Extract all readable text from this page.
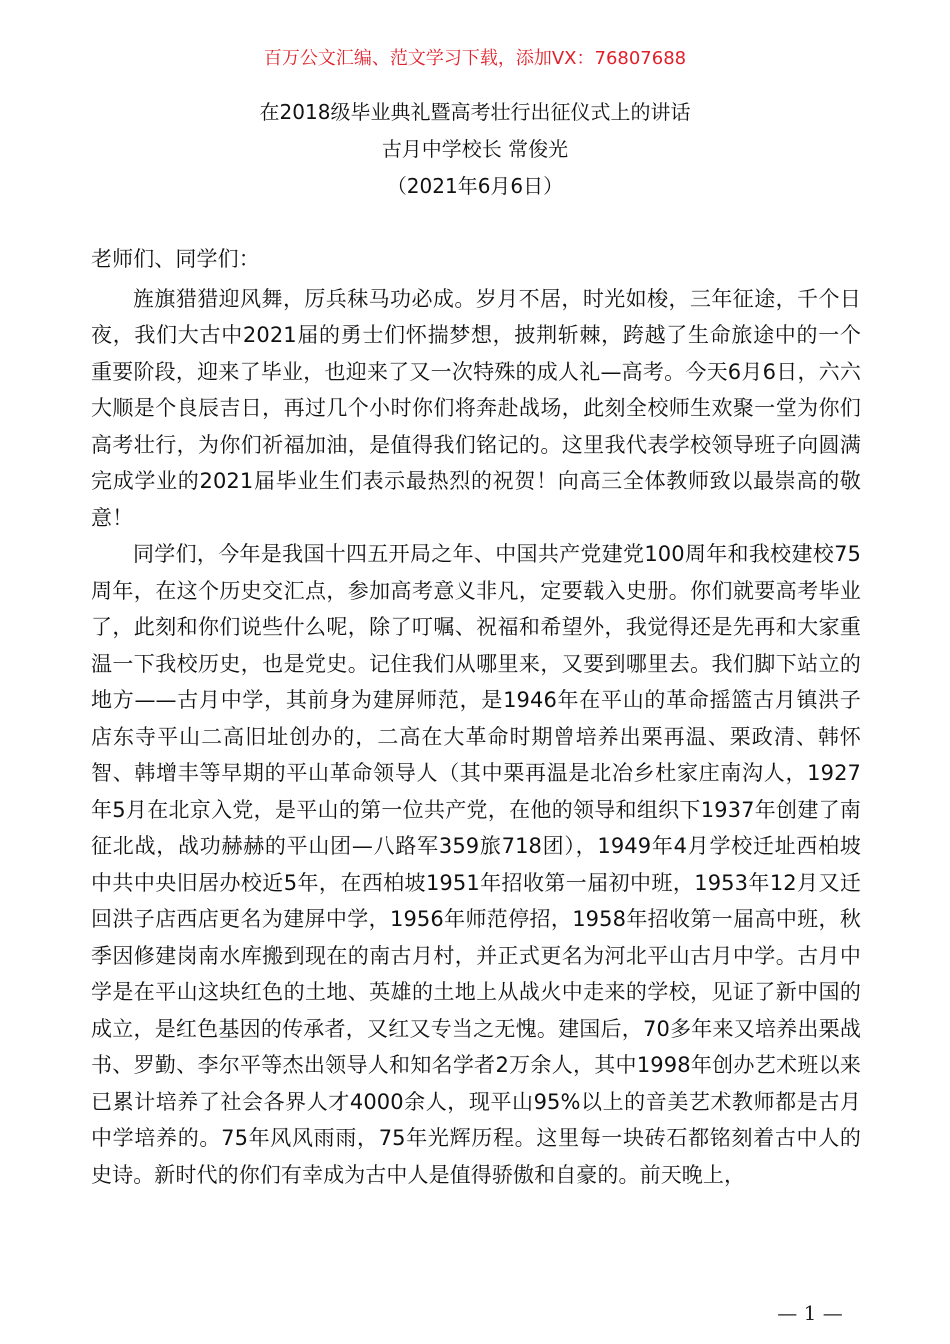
百万公文汇编、范文学习下载，添加VX：76807688

在2018级毕业典礼暨高考壮行出征仪式上的讲话

古月中学校长 常俊光

（2021年6月6日）

老师们、同学们：

旌旗猎猎迎风舞，厉兵秣马功必成。岁月不居，时光如梭，三年征途，千个日夜，我们大古中2021届的勇士们怀揣梦想，披荆斩棘，跨越了生命旅途中的一个重要阶段，迎来了毕业，也迎来了又一次特殊的成人礼—高考。今天6月6日，六六大顺是个良辰吉日，再过几个小时你们将奔赴战场，此刻全校师生欢聚一堂为你们高考壮行，为你们祈福加油，是值得我们铭记的。这里我代表学校领导班子向圆满完成学业的2021届毕业生们表示最热烈的祝贺！向高三全体教师致以最崇高的敬意！

同学们，今年是我国十四五开局之年、中国共产党建党100周年和我校建校75周年，在这个历史交汇点，参加高考意义非凡，定要载入史册。你们就要高考毕业了，此刻和你们说些什么呢，除了叮嘱、祝福和希望外，我觉得还是先再和大家重温一下我校历史，也是党史。记住我们从哪里来，又要到哪里去。我们脚下站立的地方——古月中学，其前身为建屏师范，是1946年在平山的革命摇篮古月镇洪子店东寺平山二高旧址创办的，二高在大革命时期曾培养出栗再温、栗政清、韩怀智、韩增丰等早期的平山革命领导人（其中栗再温是北冶乡杜家庄南沟人，1927年5月在北京入党，是平山的第一位共产党，在他的领导和组织下1937年创建了南征北战，战功赫赫的平山团—八路军359旅718团），1949年4月学校迁址西柏坡中共中央旧居办校近5年，在西柏坡1951年招收第一届初中班，1953年12月又迁回洪子店西店更名为建屏中学，1956年师范停招，1958年招收第一届高中班，秋季因修建岗南水库搬到现在的南古月村，并正式更名为河北平山古月中学。古月中学是在平山这块红色的土地、英雄的土地上从战火中走来的学校，见证了新中国的成立，是红色基因的传承者，又红又专当之无愧。建国后，70多年来又培养出栗战书、罗勤、李尔平等杰出领导人和知名学者2万余人，其中1998年创办艺术班以来已累计培养了社会各界人才4000余人，现平山95%以上的音美艺术教师都是古月中学培养的。75年风风雨雨，75年光辉历程。这里每一块砖石都铭刻着古中人的史诗。新时代的你们有幸成为古中人是值得骄傲和自豪的。前天晚上，

— 1 —
